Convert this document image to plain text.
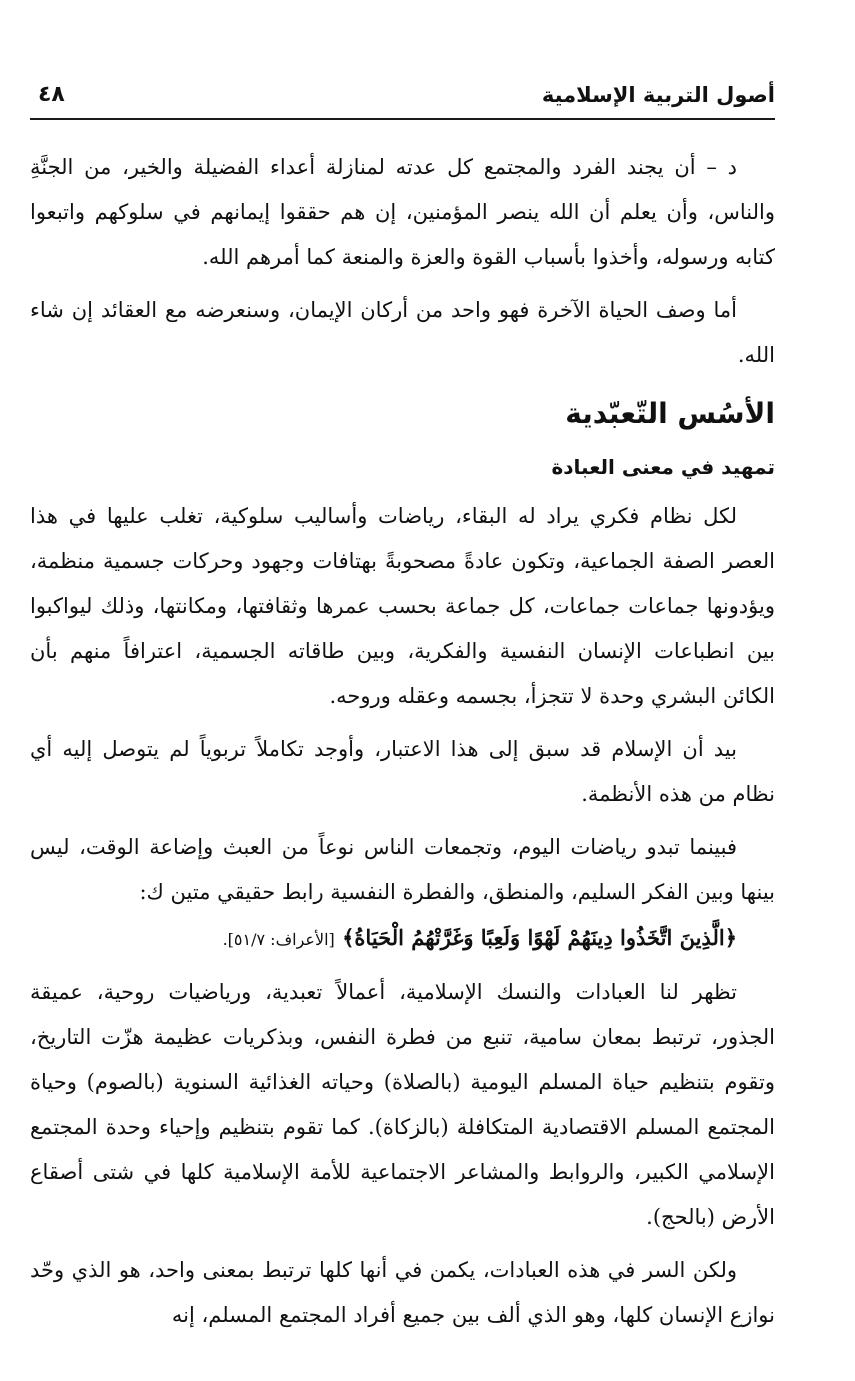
أصول التربية الإسلامية
٤٨

د – أن يجند الفرد والمجتمع كل عدته لمنازلة أعداء الفضيلة والخير، من الجنَّةِ والناس، وأن يعلم أن الله ينصر المؤمنين، إن هم حققوا إيمانهم في سلوكهم واتبعوا كتابه ورسوله، وأخذوا بأسباب القوة والعزة والمنعة كما أمرهم الله.

أما وصف الحياة الآخرة فهو واحد من أركان الإيمان، وسنعرضه مع العقائد إن شاء الله.

الأسُس التّعبّدية
تمهيد في معنى العبادة

لكل نظام فكري يراد له البقاء، رياضات وأساليب سلوكية، تغلب عليها في هذا العصر الصفة الجماعية، وتكون عادةً مصحوبةً بهتافات وجهود وحركات جسمية منظمة، ويؤدونها جماعات جماعات، كل جماعة بحسب عمرها وثقافتها، ومكانتها، وذلك ليواكبوا بين انطباعات الإنسان النفسية والفكرية، وبين طاقاته الجسمية، اعترافاً منهم بأن الكائن البشري وحدة لا تتجزأ، بجسمه وعقله وروحه.

بيد أن الإسلام قد سبق إلى هذا الاعتبار، وأوجد تكاملاً تربوياً لم يتوصل إليه أي نظام من هذه الأنظمة.

فبينما تبدو رياضات اليوم، وتجمعات الناس نوعاً من العبث وإضاعة الوقت، ليس بينها وبين الفكر السليم، والمنطق، والفطرة النفسية رابط حقيقي متين ك:
﴿الَّذِينَ اتَّخَذُوا دِينَهُمْ لَهْوًا وَلَعِبًا وَغَرَّتْهُمُ الْحَيَاةُ﴾ [الأعراف: ٥١/٧].

تظهر لنا العبادات والنسك الإسلامية، أعمالاً تعبدية، ورياضيات روحية، عميقة الجذور، ترتبط بمعان سامية، تنبع من فطرة النفس، وبذكريات عظيمة هزّت التاريخ، وتقوم بتنظيم حياة المسلم اليومية (بالصلاة) وحياته الغذائية السنوية (بالصوم) وحياة المجتمع المسلم الاقتصادية المتكافلة (بالزكاة). كما تقوم بتنظيم وإحياء وحدة المجتمع الإسلامي الكبير، والروابط والمشاعر الاجتماعية للأمة الإسلامية كلها في شتى أصقاع الأرض (بالحج).

ولكن السر في هذه العبادات، يكمن في أنها كلها ترتبط بمعنى واحد، هو الذي وحّد نوازع الإنسان كلها، وهو الذي ألف بين جميع أفراد المجتمع المسلم، إنه
